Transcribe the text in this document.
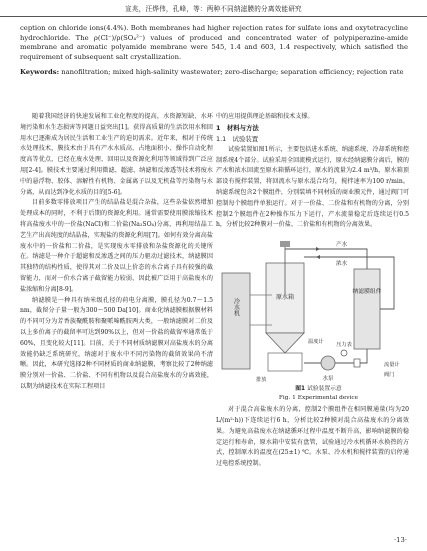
宣兆，汪烨伟，孔峰，等：两种不同纳滤膜的分离效能研究
ception on chloride ions(4.4%). Both membranes had higher rejection rates for sulfate ions and oxytetracycline hydrochloride. The ρ(Cl⁻)/ρ(SO₄²⁻) values of produced and concentrated water of polypiperazine-amide membrane and aromatic polyamide membrane were 545, 1.4 and 603, 1.4 respectively, which satisfied the requirement of subsequent salt crystallization.
Keywords: nanofiltration; mixed high-salinity wastewater; zero-discharge; separation efficiency; rejection rate

随着我国经济的快速发展和工业化程度的提高，水资源短缺、水环境污染和水生态损害等问题日益突出[1]。获得高质量的生活饮用水和回用水已逐渐成为居民生活和工业生产的迫切需求。近年来，相对于传统水处理技术，膜技术由于具有产水水质高、占地面积小、操作自动化程度高等优点，已经在废水处理、回用以及资源化利用等领域得到广泛应用[2-4]。膜技术主要通过利用微滤、超滤、纳滤和反渗透等技术将废水中的悬浮物、胶体、溶解性有机物、金属离子以及无机盐等污染物与水分离，从而达到净化水质的目的[5-6]。

目前多数零排放项目产生的结晶盐是混合杂盐，这些杂盐依然增加处理成本的同时，不利于后期的资源化利用。通常需要使用膜浓缩技术将高盐废水中的一价盐(NaCl)和二价盐(Na₂SO₄)分离，再利用结晶工艺生产出高纯度的结晶盐，实现盐的资源化利用[7]。如何有效分离高盐废水中的一价盐和二价盐，是实现废水零排放和杂盐资源化的关键所在。纳滤是一种介于超滤和反渗透之间的压力驱动过滤技术，纳滤膜因其独特的结构性质，使得其对二价及以上价态的水合离子具有较强的截留能力，而对一价水合离子截留能力较弱，因此被广泛用于高盐废水的盐浓缩和分离[8-9]。

纳滤膜是一种具有纳米级孔径的荷电分离膜，膜孔径为0.7～1.5 nm，截留分子量一般为300～500 Da[10]。商业化纳滤膜根据膜材料的不同可分为芳香族聚酰胺和聚哌嗪酰胺两大类，一般纳滤膜对二价及以上多价离子的截留率可达到90%以上，但对一价盐的截留率通常低于60%，且变化较大[11]。目前，关于不同材质纳滤膜对高盐废水的分离效能仍缺乏系统研究，纳滤对于废水中不同污染物的截留效果尚不清晰。因此，本研究选择2种不同材质的商业纳滤膜，考察比较了2种纳滤膜分别对一价盐、二价盐、不同有机物以及混合高盐废水的分离效能，以期为纳滤技术在实际工程项目

中的应用提供理论基础和技术支撑。

1　材料与方法
1.1　试验装置

试验装置如图1所示，主要包括进水系统、纳滤系统、冷却系统和控制系统4个部分。试验采用全回流模式运行，原水经纳滤膜分离后，膜的产水和浓水回流至原水箱循环运行，原水的流量为2.4 m³/h，原水箱顶部设有搅拌装置，将回流水与原水混合均匀，搅拌速率为100 r/min。纳滤系统包含2个膜组件，分别装填不同材质的商业膜元件，通过阀门可控制每个膜组件单独运行。对于一价盐、二价盐和有机物的分离，分别控制2个膜组件在2种操作压力下运行，产水流量稳定后连续运行0.5 h，分析比较2种膜对一价盐、二价盐和有机物的分离效果。

冷水机
原水箱
纳滤膜组件
水泵
产水
浓水
压力表
流量计
温度计
排放
阀门

图1 试验装置示意

Fig. 1 Experimental device

对于混合高盐废水的分离，控制2个膜组件在相同膜通量(均为20 L/(m²·h))下连续运行6 h，分析比较2种膜对混合高盐废水的分离效果。为避免高盐废水在纳滤循环过程中温度不断升高，影响纳滤膜的稳定运行和寿命，原水箱中安装有盘管，试验通过冷水机循环水换热的方式，控制原水的温度在(25±1) ℃。水泵、冷水机和搅拌装置的启停通过电控系统控制。

·13·
